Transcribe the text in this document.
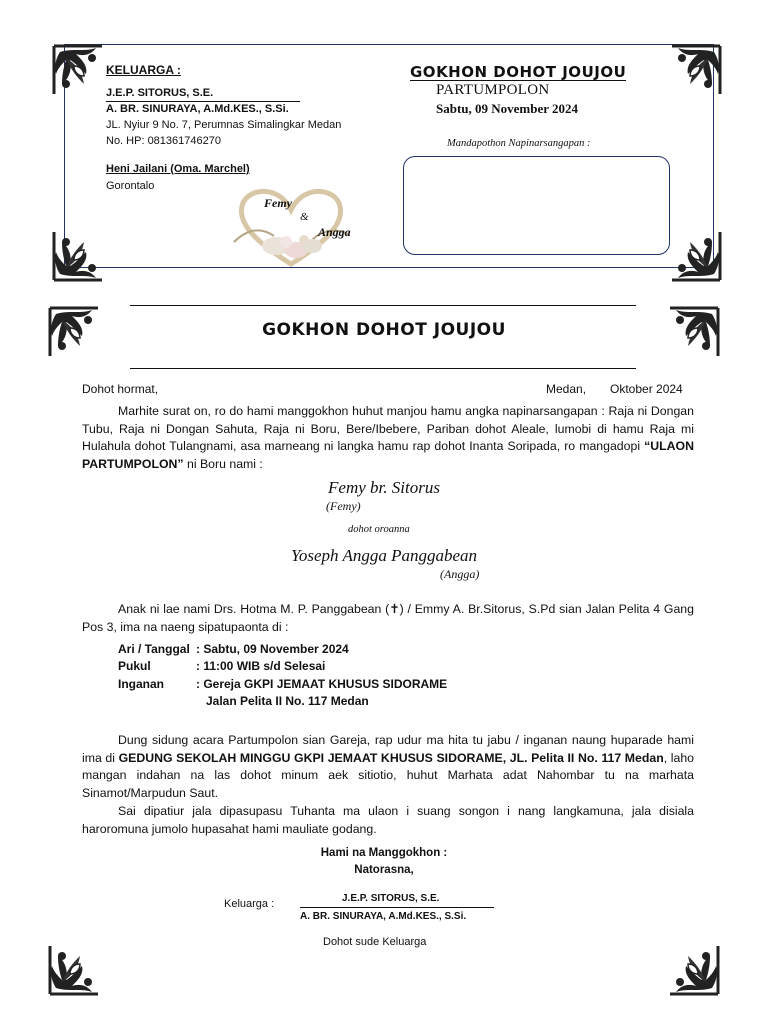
KELUARGA :
J.E.P. SITORUS, S.E.
A. BR. SINURAYA, A.Md.KES., S.Si.
JL. Nyiur 9 No. 7, Perumnas Simalingkar Medan
No. HP: 081361746270
Heni Jailani (Oma. Marchel)
Gorontalo
Femy
&
Angga
GOKHON DOHOT JOUJOU
PARTUMPOLON
Sabtu, 09 November 2024
Mandapothon Napinarsangapan :
GOKHON DOHOT JOUJOU
Dohot hormat,	Medan, Oktober 2024
Marhite surat on, ro do hami manggokhon huhut manjou hamu angka napinarsangapan : Raja ni Dongan Tubu, Raja ni Dongan Sahuta, Raja ni Boru, Bere/Ibebere, Pariban dohot Aleale, lumobi di hamu Raja mi Hulahula dohot Tulangnami, asa marneang ni langka hamu rap dohot Inanta Soripada, ro mangadopi “ULAON PARTUMPOLON” ni Boru nami :
Femy br. Sitorus
(Femy)
dohot oroanna
Yoseph Angga Panggabean
(Angga)
Anak ni lae nami Drs. Hotma M. P. Panggabean (✝) / Emmy A. Br.Sitorus, S.Pd sian Jalan Pelita 4 Gang Pos 3, ima na naeng sipatupaonta di :
Ari / Tanggal : Sabtu, 09 November 2024
Pukul	: 11:00 WIB s/d Selesai
Inganan	: Gereja GKPI JEMAAT KHUSUS SIDORAME
Jalan Pelita II No. 117 Medan
Dung sidung acara Partumpolon sian Gareja, rap udur ma hita tu jabu / inganan naung huparade hami ima di GEDUNG SEKOLAH MINGGU GKPI JEMAAT KHUSUS SIDORAME, JL. Pelita II No. 117 Medan, laho mangan indahan na las dohot minum aek sitiotio, huhut Marhata adat Nahombar tu na marhata Sinamot/Marpudun Saut.
Sai dipatiur jala dipasupasu Tuhanta ma ulaon i suang songon i nang langkamuna, jala disiala haroromuna jumolo hupasahat hami mauliate godang.
Hami na Manggokhon :
Natorasna,
Keluarga :	J.E.P. SITORUS, S.E.
A. BR. SINURAYA, A.Md.KES., S.Si.
Dohot sude Keluarga
